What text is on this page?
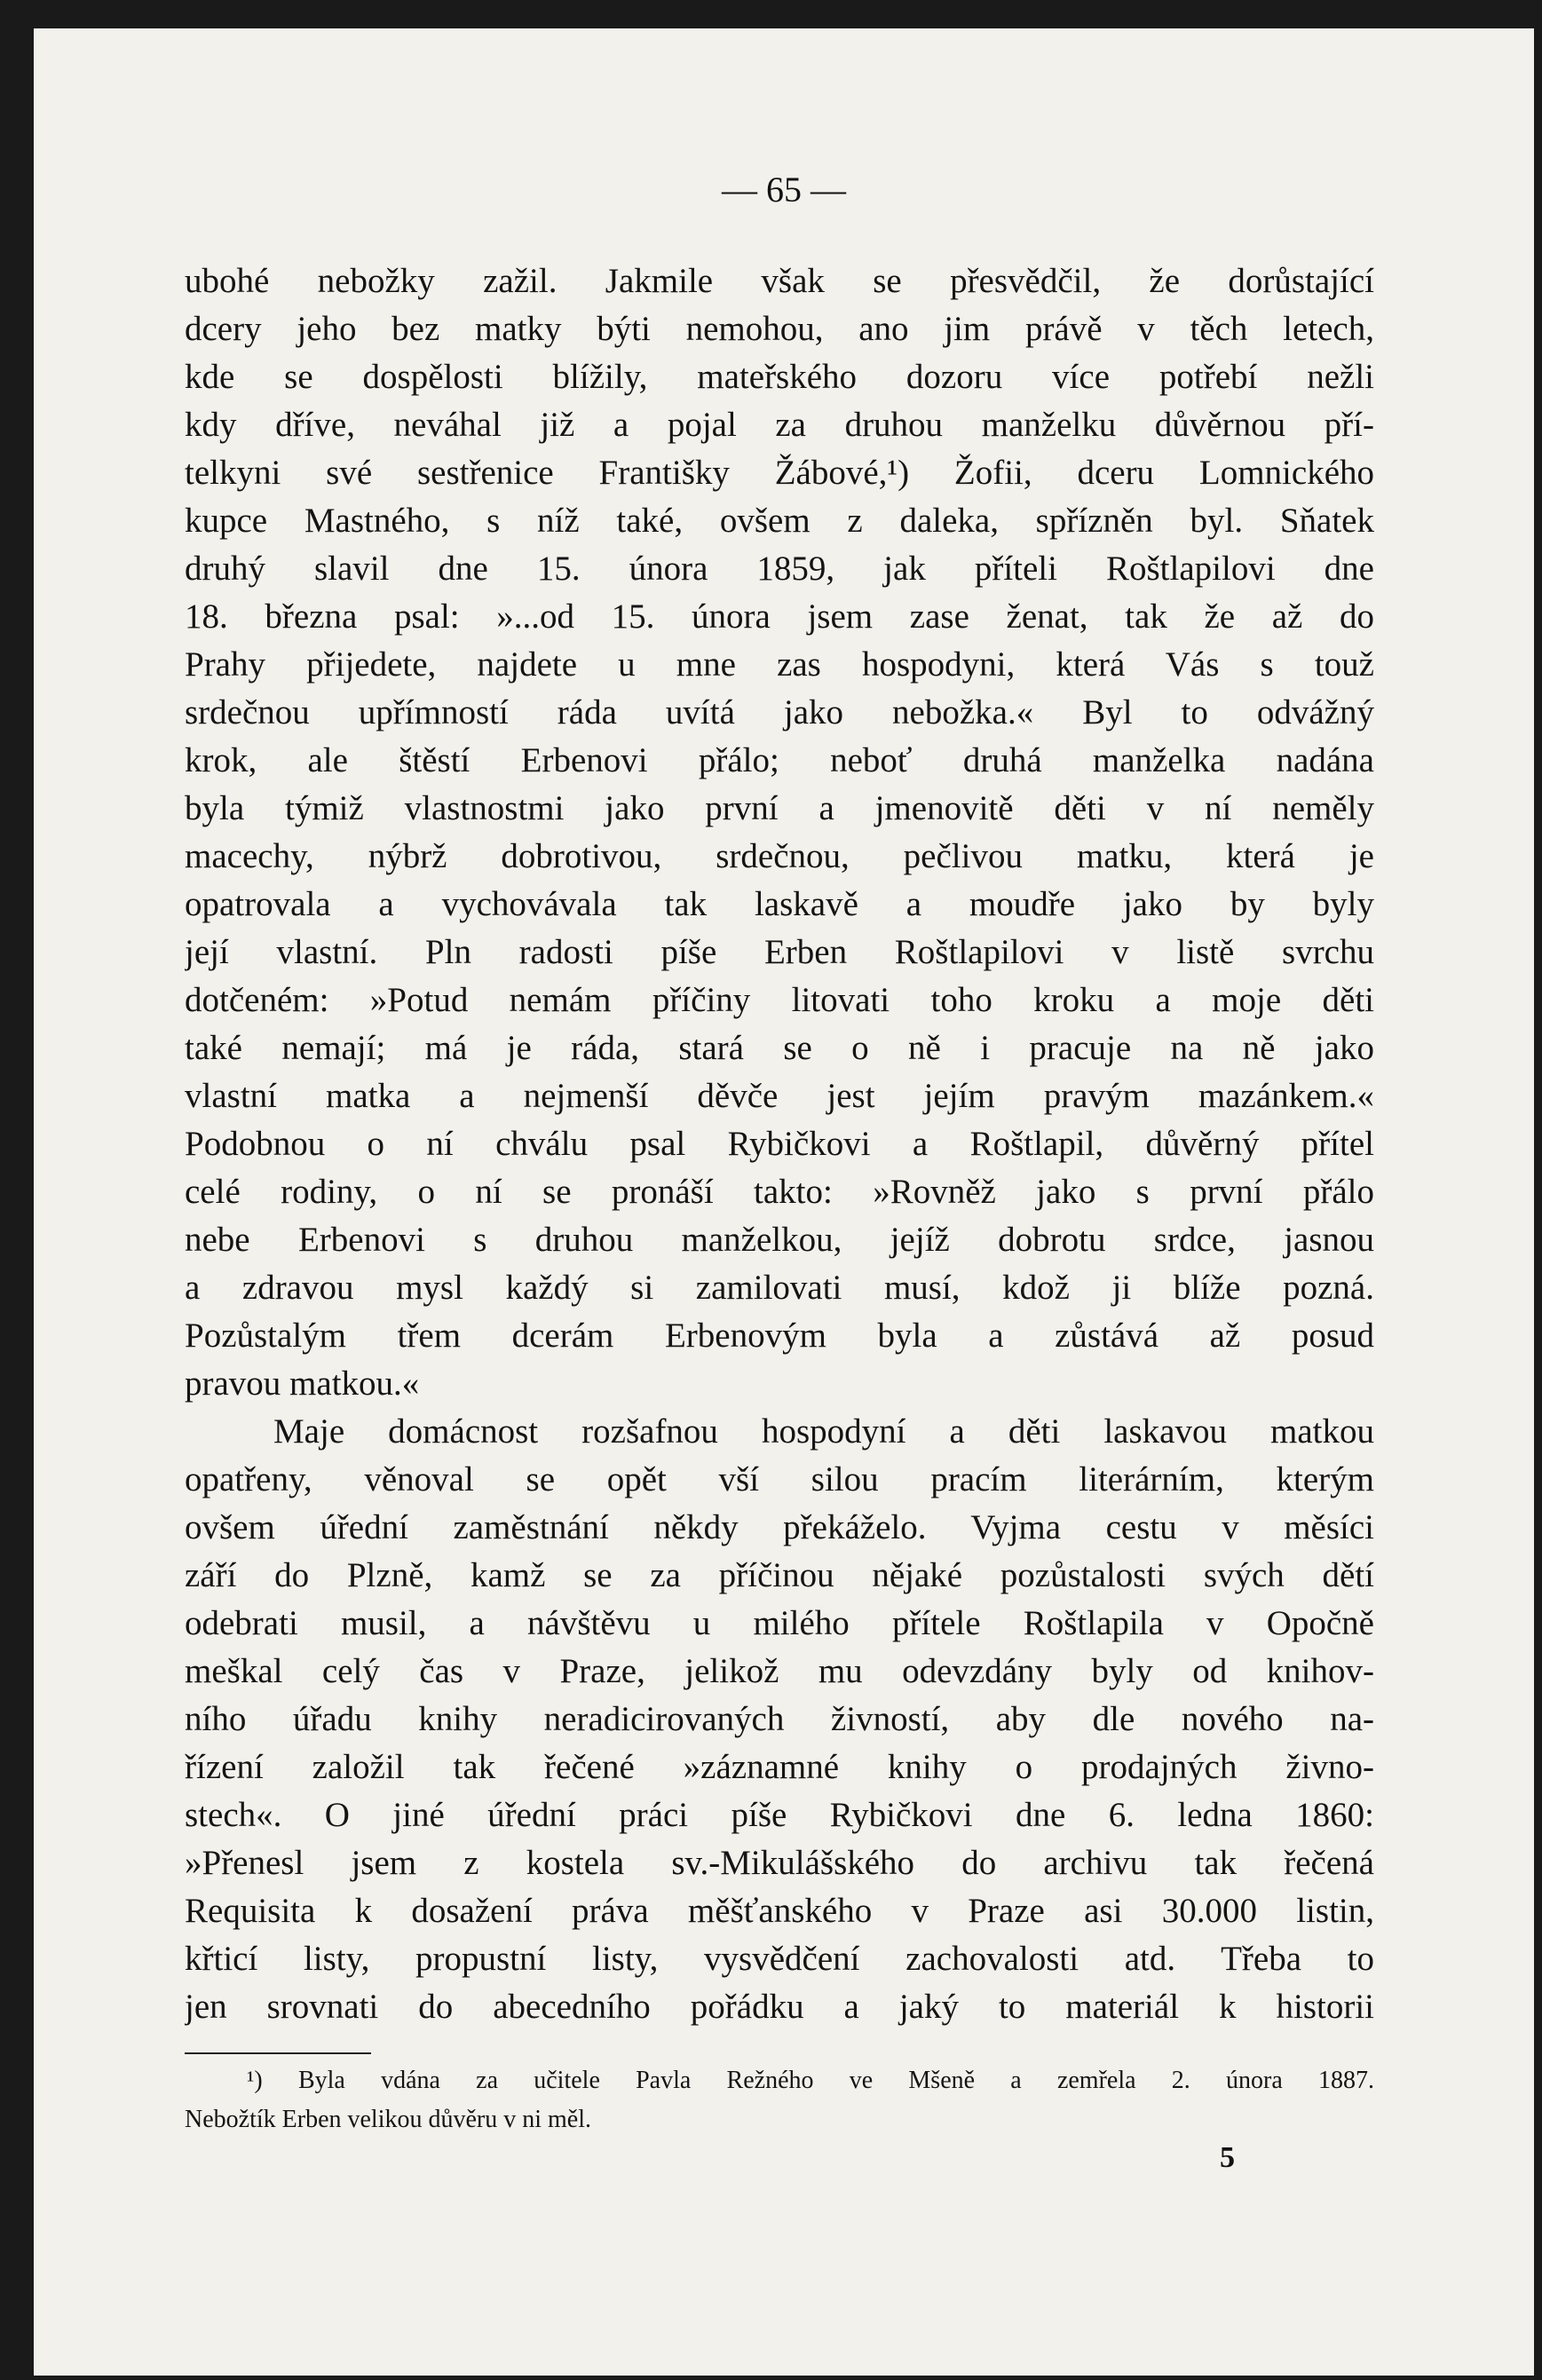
— 65 —
ubohé nebožky zažil. Jakmile však se přesvědčil, že dorůstající
dcery jeho bez matky býti nemohou, ano jim právě v těch letech,
kde se dospělosti blížily, mateřského dozoru více potřebí nežli
kdy dříve, neváhal již a pojal za druhou manželku důvěrnou pří-
telkyni své sestřenice Františky Žábové,¹) Žofii, dceru Lomnického
kupce Mastného, s níž také, ovšem z daleka, spřízněn byl. Sňatek
druhý slavil dne 15. února 1859, jak příteli Roštlapilovi dne
18. března psal: »...od 15. února jsem zase ženat, tak že až do
Prahy přijedete, najdete u mne zas hospodyni, která Vás s touž
srdečnou upřímností ráda uvítá jako nebožka.« Byl to odvážný
krok, ale štěstí Erbenovi přálo; neboť druhá manželka nadána
byla týmiž vlastnostmi jako první a jmenovitě děti v ní neměly
macechy, nýbrž dobrotivou, srdečnou, pečlivou matku, která je
opatrovala a vychovávala tak laskavě a moudře jako by byly
její vlastní. Pln radosti píše Erben Roštlapilovi v listě svrchu
dotčeném: »Potud nemám příčiny litovati toho kroku a moje děti
také nemají; má je ráda, stará se o ně i pracuje na ně jako
vlastní matka a nejmenší děvče jest jejím pravým mazánkem.«
Podobnou o ní chválu psal Rybičkovi a Roštlapil, důvěrný přítel
celé rodiny, o ní se pronáší takto: »Rovněž jako s první přálo
nebe Erbenovi s druhou manželkou, jejíž dobrotu srdce, jasnou
a zdravou mysl každý si zamilovati musí, kdož ji blíže pozná.
Pozůstalým třem dcerám Erbenovým byla a zůstává až posud
pravou matkou.«
Maje domácnost rozšafnou hospodyní a děti laskavou matkou
opatřeny, věnoval se opět vší silou pracím literárním, kterým
ovšem úřední zaměstnání někdy překáželo. Vyjma cestu v měsíci
září do Plzně, kamž se za příčinou nějaké pozůstalosti svých dětí
odebrati musil, a návštěvu u milého přítele Roštlapila v Opočně
meškal celý čas v Praze, jelikož mu odevzdány byly od knihov-
ního úřadu knihy neradicirovaných živností, aby dle nového na-
řízení založil tak řečené »záznamné knihy o prodajných živno-
stech«. O jiné úřední práci píše Rybičkovi dne 6. ledna 1860:
»Přenesl jsem z kostela sv.-Mikulášského do archivu tak řečená
Requisita k dosažení práva měšťanského v Praze asi 30.000 listin,
křticí listy, propustní listy, vysvědčení zachovalosti atd. Třeba to
jen srovnati do abecedního pořádku a jaký to materiál k historii
¹) Byla vdána za učitele Pavla Režného ve Mšeně a zemřela 2. února 1887.
Nebožtík Erben velikou důvěru v ni měl.
5
